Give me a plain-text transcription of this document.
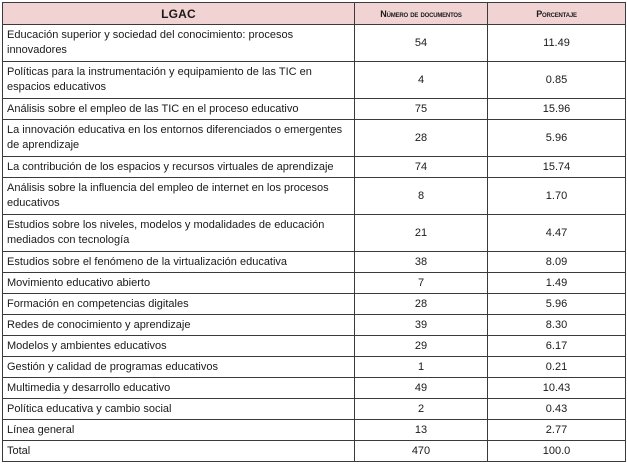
LGAC	Número de documentos	Porcentaje
Educación superior y sociedad del conocimiento: procesos innovadores	54	11.49
Políticas para la instrumentación y equipamiento de las TIC en espacios educativos	4	0.85
Análisis sobre el empleo de las TIC en el proceso educativo	75	15.96
La innovación educativa en los entornos diferenciados o emergentes de aprendizaje	28	5.96
La contribución de los espacios y recursos virtuales de aprendizaje	74	15.74
Análisis sobre la influencia del empleo de internet en los procesos educativos	8	1.70
Estudios sobre los niveles, modelos y modalidades de educación mediados con tecnología	21	4.47
Estudios sobre el fenómeno de la virtualización educativa	38	8.09
Movimiento educativo abierto	7	1.49
Formación en competencias digitales	28	5.96
Redes de conocimiento y aprendizaje	39	8.30
Modelos y ambientes educativos	29	6.17
Gestión y calidad de programas educativos	1	0.21
Multimedia y desarrollo educativo	49	10.43
Política educativa y cambio social	2	0.43
Línea general	13	2.77
Total	470	100.0
